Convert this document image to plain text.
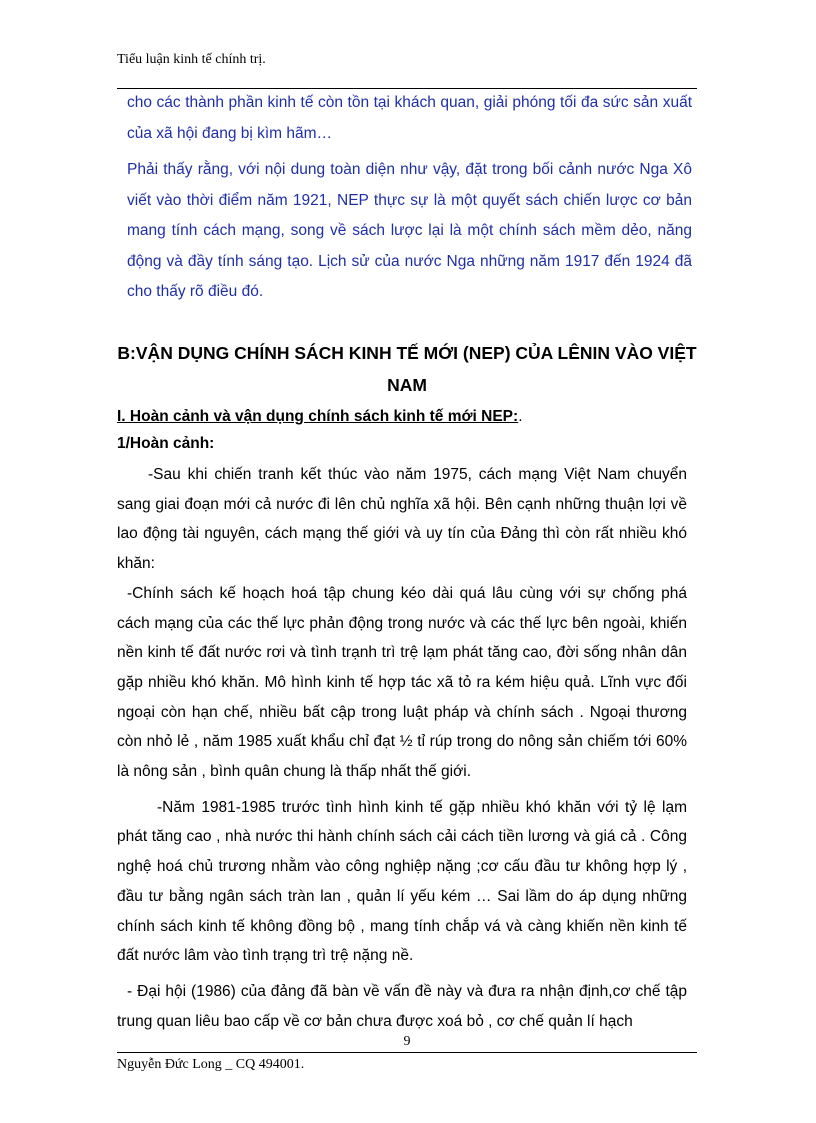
Tiểu luận kinh tế chính trị.

cho các thành phần kinh tế còn tồn tại khách quan, giải phóng tối đa sức sản xuất của xã hội đang bị kìm hãm…

Phải thấy rằng, với nội dung toàn diện như vậy, đặt trong bối cảnh nước Nga Xô viết vào thời điểm năm 1921, NEP thực sự là một quyết sách chiến lược cơ bản mang tính cách mạng, song về sách lược lại là một chính sách mềm dẻo, năng động và đầy tính sáng tạo. Lịch sử của nước Nga những năm 1917 đến 1924 đã cho thấy rõ điều đó.

B:VẬN DỤNG CHÍNH SÁCH KINH TẾ MỚI (NEP) CỦA LÊNIN VÀO VIỆT NAM
I. Hoàn cảnh và vận dụng chính sách kinh tế mới NEP:.
1/Hoàn cảnh:

-Sau khi chiến tranh kết thúc vào năm 1975, cách mạng Việt Nam chuyển sang giai đoạn mới cả nước đi lên chủ nghĩa xã hội. Bên cạnh những thuận lợi về lao động tài nguyên, cách mạng thế giới và uy tín của Đảng thì còn rất nhiều khó khăn:

-Chính sách kế hoạch hoá tập chung kéo dài quá lâu cùng với sự chống phá cách mạng của các thế lực phản động trong nước và các thế lực bên ngoài, khiến nền kinh tế đất nước rơi và tình trạnh trì trệ lạm phát tăng cao, đời sống nhân dân gặp nhiều khó khăn. Mô hình kinh tế hợp tác xã tỏ ra kém hiệu quả. Lĩnh vực đối ngoại còn hạn chế, nhiều bất cập trong luật pháp và chính sách . Ngoại thương còn nhỏ lẻ , năm 1985 xuất khẩu chỉ đạt ½ tỉ rúp trong do nông sản chiếm tới 60% là nông sản , bình quân chung là thấp nhất thế giới.

-Năm 1981-1985 trước tình hình kinh tế gặp nhiều khó khăn với tỷ lệ lạm phát tăng cao , nhà nước thi hành chính sách cải cách tiền lương và giá cả . Công nghệ hoá chủ trương nhằm vào công nghiệp nặng ;cơ cấu đầu tư không hợp lý , đầu tư bằng ngân sách tràn lan , quản lí yếu kém … Sai lầm do áp dụng những chính sách kinh tế không đồng bộ , mang tính chắp vá và càng khiến nền kinh tế đất nước lâm vào tình trạng trì trệ nặng nề.

- Đại hội (1986) của đảng đã bàn về vấn đề này và đưa ra nhận định,cơ chế tập trung quan liêu bao cấp về cơ bản chưa được xoá bỏ , cơ chế quản lí hạch

9
Nguyễn Đức Long _ CQ 494001.
